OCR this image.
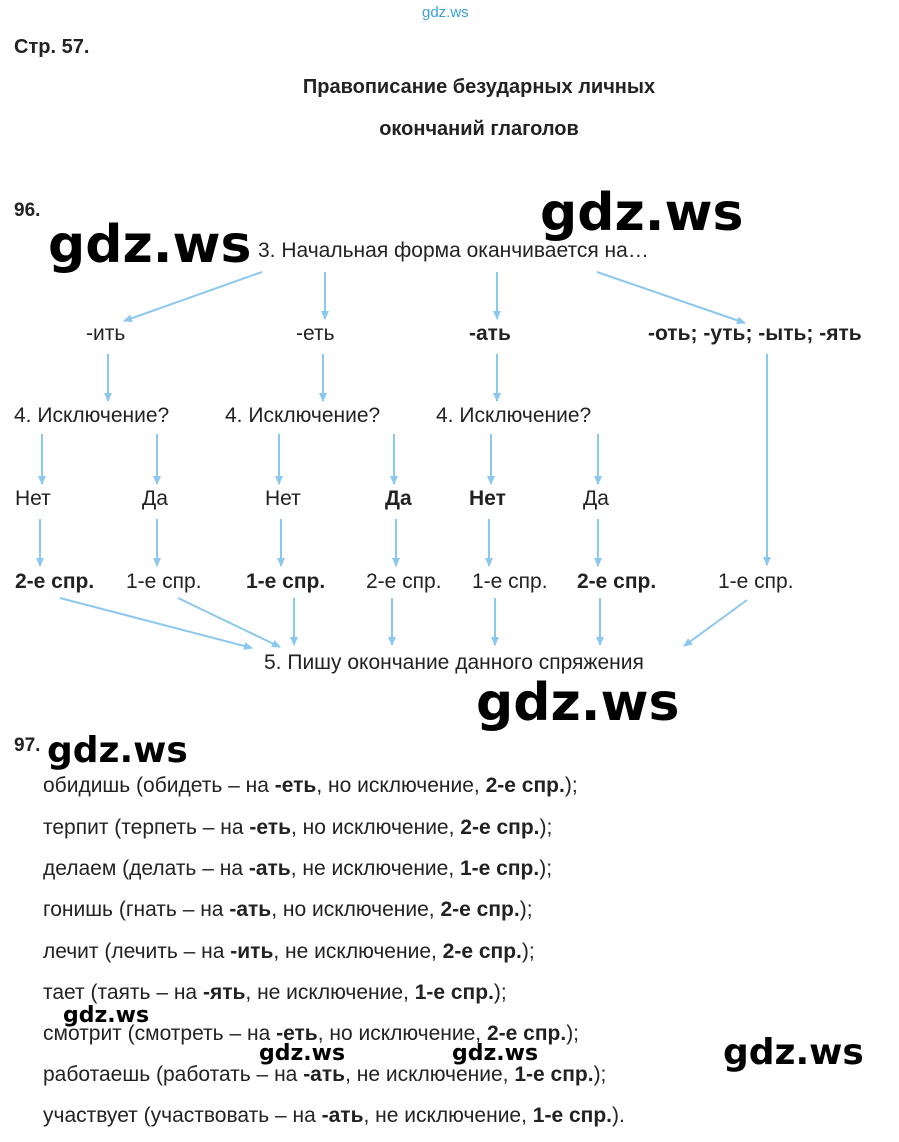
gdz.ws
Стр. 57.
Правописание безударных личных
окончаний глаголов
96.	gdz.ws
gdz.ws 3. Начальная форма оканчивается на…
-ить	-еть	-ать	-оть; -уть; -ыть; -ять
4. Исключение?	4. Исключение?	4. Исключение?
Нет	Да	Нет	Да	Нет	Да
2-е спр. 1-е спр. 1-е спр. 2-е спр. 1-е спр. 2-е спр.	1-е спр.
5. Пишу окончание данного спряжения
gdz.ws
97. gdz.ws
обидишь (обидеть – на -еть, но исключение, 2-е спр.);
терпит (терпеть – на -еть, но исключение, 2-е спр.);
делаем (делать – на -ать, не исключение, 1-е спр.);
гонишь (гнать – на -ать, но исключение, 2-е спр.);
лечит (лечить – на -ить, не исключение, 2-е спр.);
тает (таять – на -ять, не исключение, 1-е спр.);
смотрит (смотреть – на -еть, но исключение, 2-е спр.);
работаешь (работать – на -ать, не исключение, 1-е спр.);
участвует (участвовать – на -ать, не исключение, 1-е спр.).
gdz.ws
gdz.ws	gdz.ws	gdz.ws
